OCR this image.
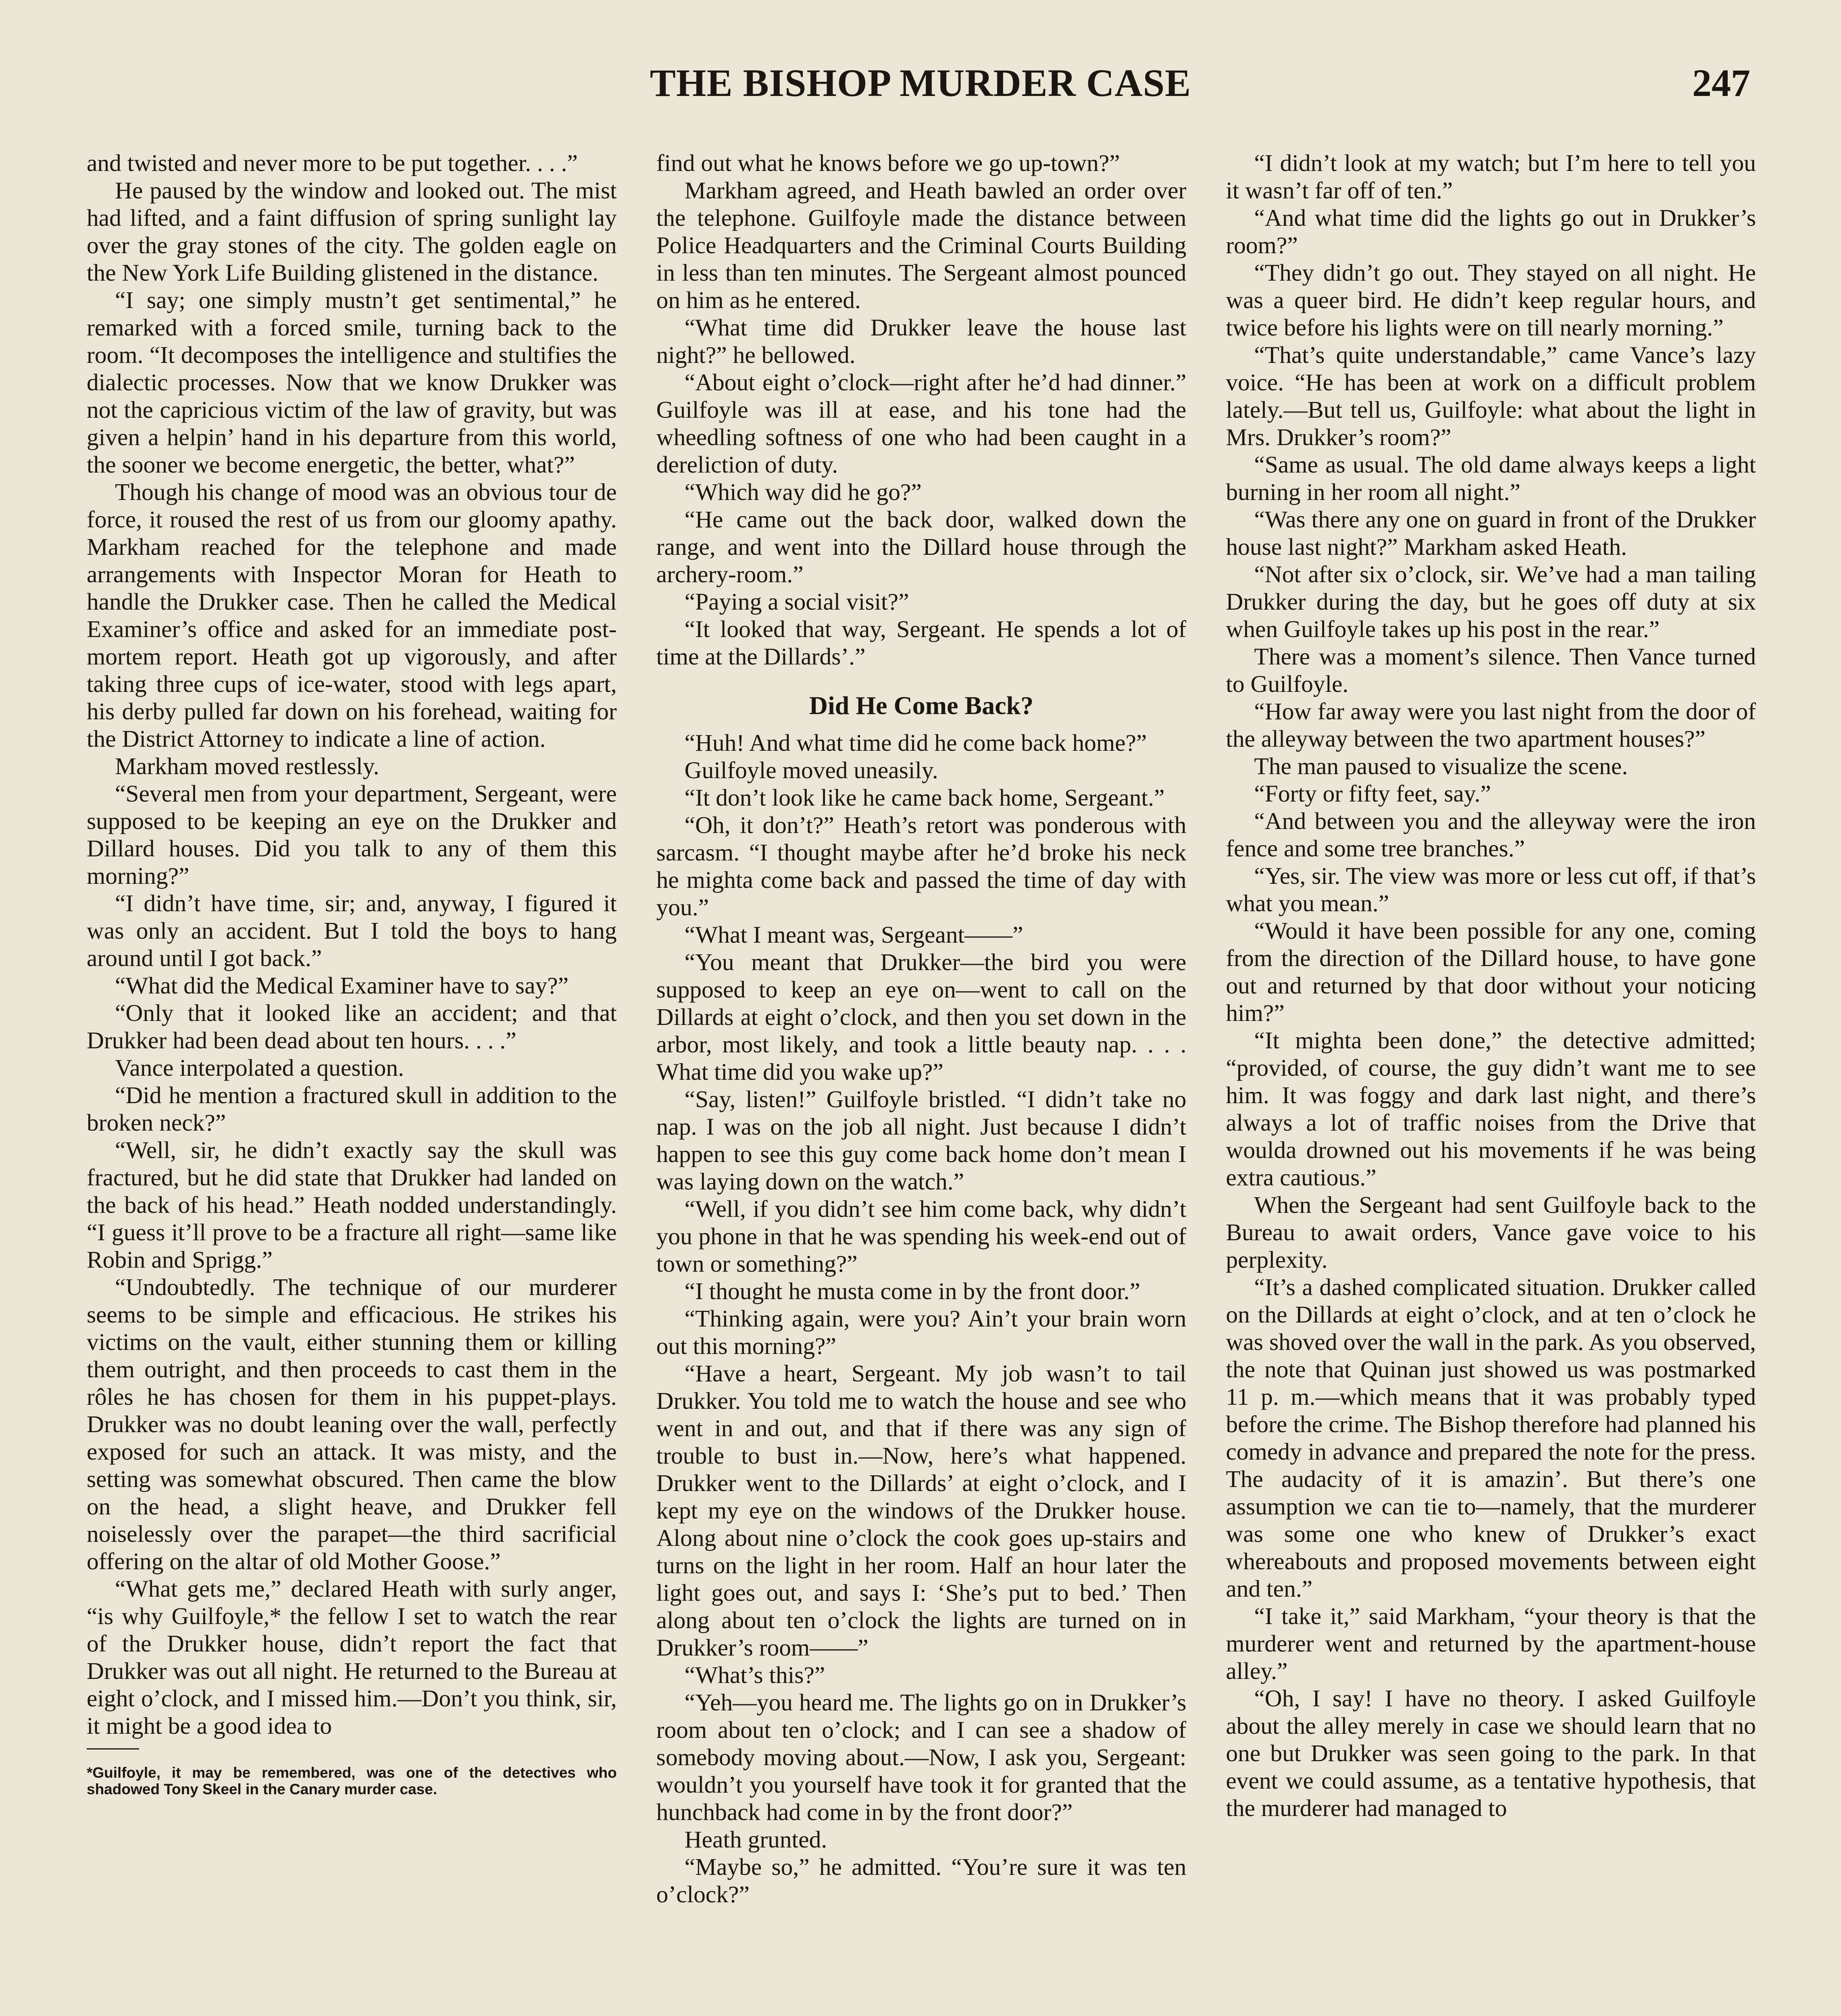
THE BISHOP MURDER CASE	247

and twisted and never more to be put together. . . .”

He paused by the window and looked out. The mist had lifted, and a faint diffusion of spring sunlight lay over the gray stones of the city. The golden eagle on the New York Life Building glistened in the distance.

“I say; one simply mustn’t get sentimental,” he remarked with a forced smile, turning back to the room. “It decomposes the intelligence and stultifies the dialectic processes. Now that we know Drukker was not the capricious victim of the law of gravity, but was given a helpin’ hand in his departure from this world, the sooner we become energetic, the better, what?”

Though his change of mood was an obvious tour de force, it roused the rest of us from our gloomy apathy. Markham reached for the telephone and made arrangements with Inspector Moran for Heath to handle the Drukker case. Then he called the Medical Examiner’s office and asked for an immediate post-mortem report. Heath got up vigorously, and after taking three cups of ice-water, stood with legs apart, his derby pulled far down on his forehead, waiting for the District Attorney to indicate a line of action.

Markham moved restlessly.

“Several men from your department, Sergeant, were supposed to be keeping an eye on the Drukker and Dillard houses. Did you talk to any of them this morning?”

“I didn’t have time, sir; and, anyway, I figured it was only an accident. But I told the boys to hang around until I got back.”

“What did the Medical Examiner have to say?”

“Only that it looked like an accident; and that Drukker had been dead about ten hours. . . .”

Vance interpolated a question.

“Did he mention a fractured skull in addition to the broken neck?”

“Well, sir, he didn’t exactly say the skull was fractured, but he did state that Drukker had landed on the back of his head.” Heath nodded understandingly. “I guess it’ll prove to be a fracture all right—same like Robin and Sprigg.”

“Undoubtedly. The technique of our murderer seems to be simple and efficacious. He strikes his victims on the vault, either stunning them or killing them outright, and then proceeds to cast them in the rôles he has chosen for them in his puppet-plays. Drukker was no doubt leaning over the wall, perfectly exposed for such an attack. It was misty, and the setting was somewhat obscured. Then came the blow on the head, a slight heave, and Drukker fell noiselessly over the parapet—the third sacrificial offering on the altar of old Mother Goose.”

“What gets me,” declared Heath with surly anger, “is why Guilfoyle,* the fellow I set to watch the rear of the Drukker house, didn’t report the fact that Drukker was out all night. He returned to the Bureau at eight o’clock, and I missed him.—Don’t you think, sir, it might be a good idea to

*Guilfoyle, it may be remembered, was one of the detectives who shadowed Tony Skeel in the Canary murder case.

find out what he knows before we go up-town?”

Markham agreed, and Heath bawled an order over the telephone. Guilfoyle made the distance between Police Headquarters and the Criminal Courts Building in less than ten minutes. The Sergeant almost pounced on him as he entered.

“What time did Drukker leave the house last night?” he bellowed.

“About eight o’clock—right after he’d had dinner.” Guilfoyle was ill at ease, and his tone had the wheedling softness of one who had been caught in a dereliction of duty.

“Which way did he go?”

“He came out the back door, walked down the range, and went into the Dillard house through the archery-room.”

“Paying a social visit?”

“It looked that way, Sergeant. He spends a lot of time at the Dillards’.”

Did He Come Back?

“Huh! And what time did he come back home?”

Guilfoyle moved uneasily.

“It don’t look like he came back home, Sergeant.”

“Oh, it don’t?” Heath’s retort was ponderous with sarcasm. “I thought maybe after he’d broke his neck he mighta come back and passed the time of day with you.”

“What I meant was, Sergeant——”

“You meant that Drukker—the bird you were supposed to keep an eye on—went to call on the Dillards at eight o’clock, and then you set down in the arbor, most likely, and took a little beauty nap. . . . What time did you wake up?”

“Say, listen!” Guilfoyle bristled. “I didn’t take no nap. I was on the job all night. Just because I didn’t happen to see this guy come back home don’t mean I was laying down on the watch.”

“Well, if you didn’t see him come back, why didn’t you phone in that he was spending his week-end out of town or something?”

“I thought he musta come in by the front door.”

“Thinking again, were you? Ain’t your brain worn out this morning?”

“Have a heart, Sergeant. My job wasn’t to tail Drukker. You told me to watch the house and see who went in and out, and that if there was any sign of trouble to bust in.—Now, here’s what happened. Drukker went to the Dillards’ at eight o’clock, and I kept my eye on the windows of the Drukker house. Along about nine o’clock the cook goes up-stairs and turns on the light in her room. Half an hour later the light goes out, and says I: ‘She’s put to bed.’ Then along about ten o’clock the lights are turned on in Drukker’s room——”

“What’s this?”

“Yeh—you heard me. The lights go on in Drukker’s room about ten o’clock; and I can see a shadow of somebody moving about.—Now, I ask you, Sergeant: wouldn’t you yourself have took it for granted that the hunchback had come in by the front door?”

Heath grunted.

“Maybe so,” he admitted. “You’re sure it was ten o’clock?”

“I didn’t look at my watch; but I’m here to tell you it wasn’t far off of ten.”

“And what time did the lights go out in Drukker’s room?”

“They didn’t go out. They stayed on all night. He was a queer bird. He didn’t keep regular hours, and twice before his lights were on till nearly morning.”

“That’s quite understandable,” came Vance’s lazy voice. “He has been at work on a difficult problem lately.—But tell us, Guilfoyle: what about the light in Mrs. Drukker’s room?”

“Same as usual. The old dame always keeps a light burning in her room all night.”

“Was there any one on guard in front of the Drukker house last night?” Markham asked Heath.

“Not after six o’clock, sir. We’ve had a man tailing Drukker during the day, but he goes off duty at six when Guilfoyle takes up his post in the rear.”

There was a moment’s silence. Then Vance turned to Guilfoyle.

“How far away were you last night from the door of the alleyway between the two apartment houses?”

The man paused to visualize the scene.

“Forty or fifty feet, say.”

“And between you and the alleyway were the iron fence and some tree branches.”

“Yes, sir. The view was more or less cut off, if that’s what you mean.”

“Would it have been possible for any one, coming from the direction of the Dillard house, to have gone out and returned by that door without your noticing him?”

“It mighta been done,” the detective admitted; “provided, of course, the guy didn’t want me to see him. It was foggy and dark last night, and there’s always a lot of traffic noises from the Drive that woulda drowned out his movements if he was being extra cautious.”

When the Sergeant had sent Guilfoyle back to the Bureau to await orders, Vance gave voice to his perplexity.

“It’s a dashed complicated situation. Drukker called on the Dillards at eight o’clock, and at ten o’clock he was shoved over the wall in the park. As you observed, the note that Quinan just showed us was postmarked 11 p. m.—which means that it was probably typed before the crime. The Bishop therefore had planned his comedy in advance and prepared the note for the press. The audacity of it is amazin’. But there’s one assumption we can tie to—namely, that the murderer was some one who knew of Drukker’s exact whereabouts and proposed movements between eight and ten.”

“I take it,” said Markham, “your theory is that the murderer went and returned by the apartment-house alley.”

“Oh, I say! I have no theory. I asked Guilfoyle about the alley merely in case we should learn that no one but Drukker was seen going to the park. In that event we could assume, as a tentative hypothesis, that the murderer had managed to
